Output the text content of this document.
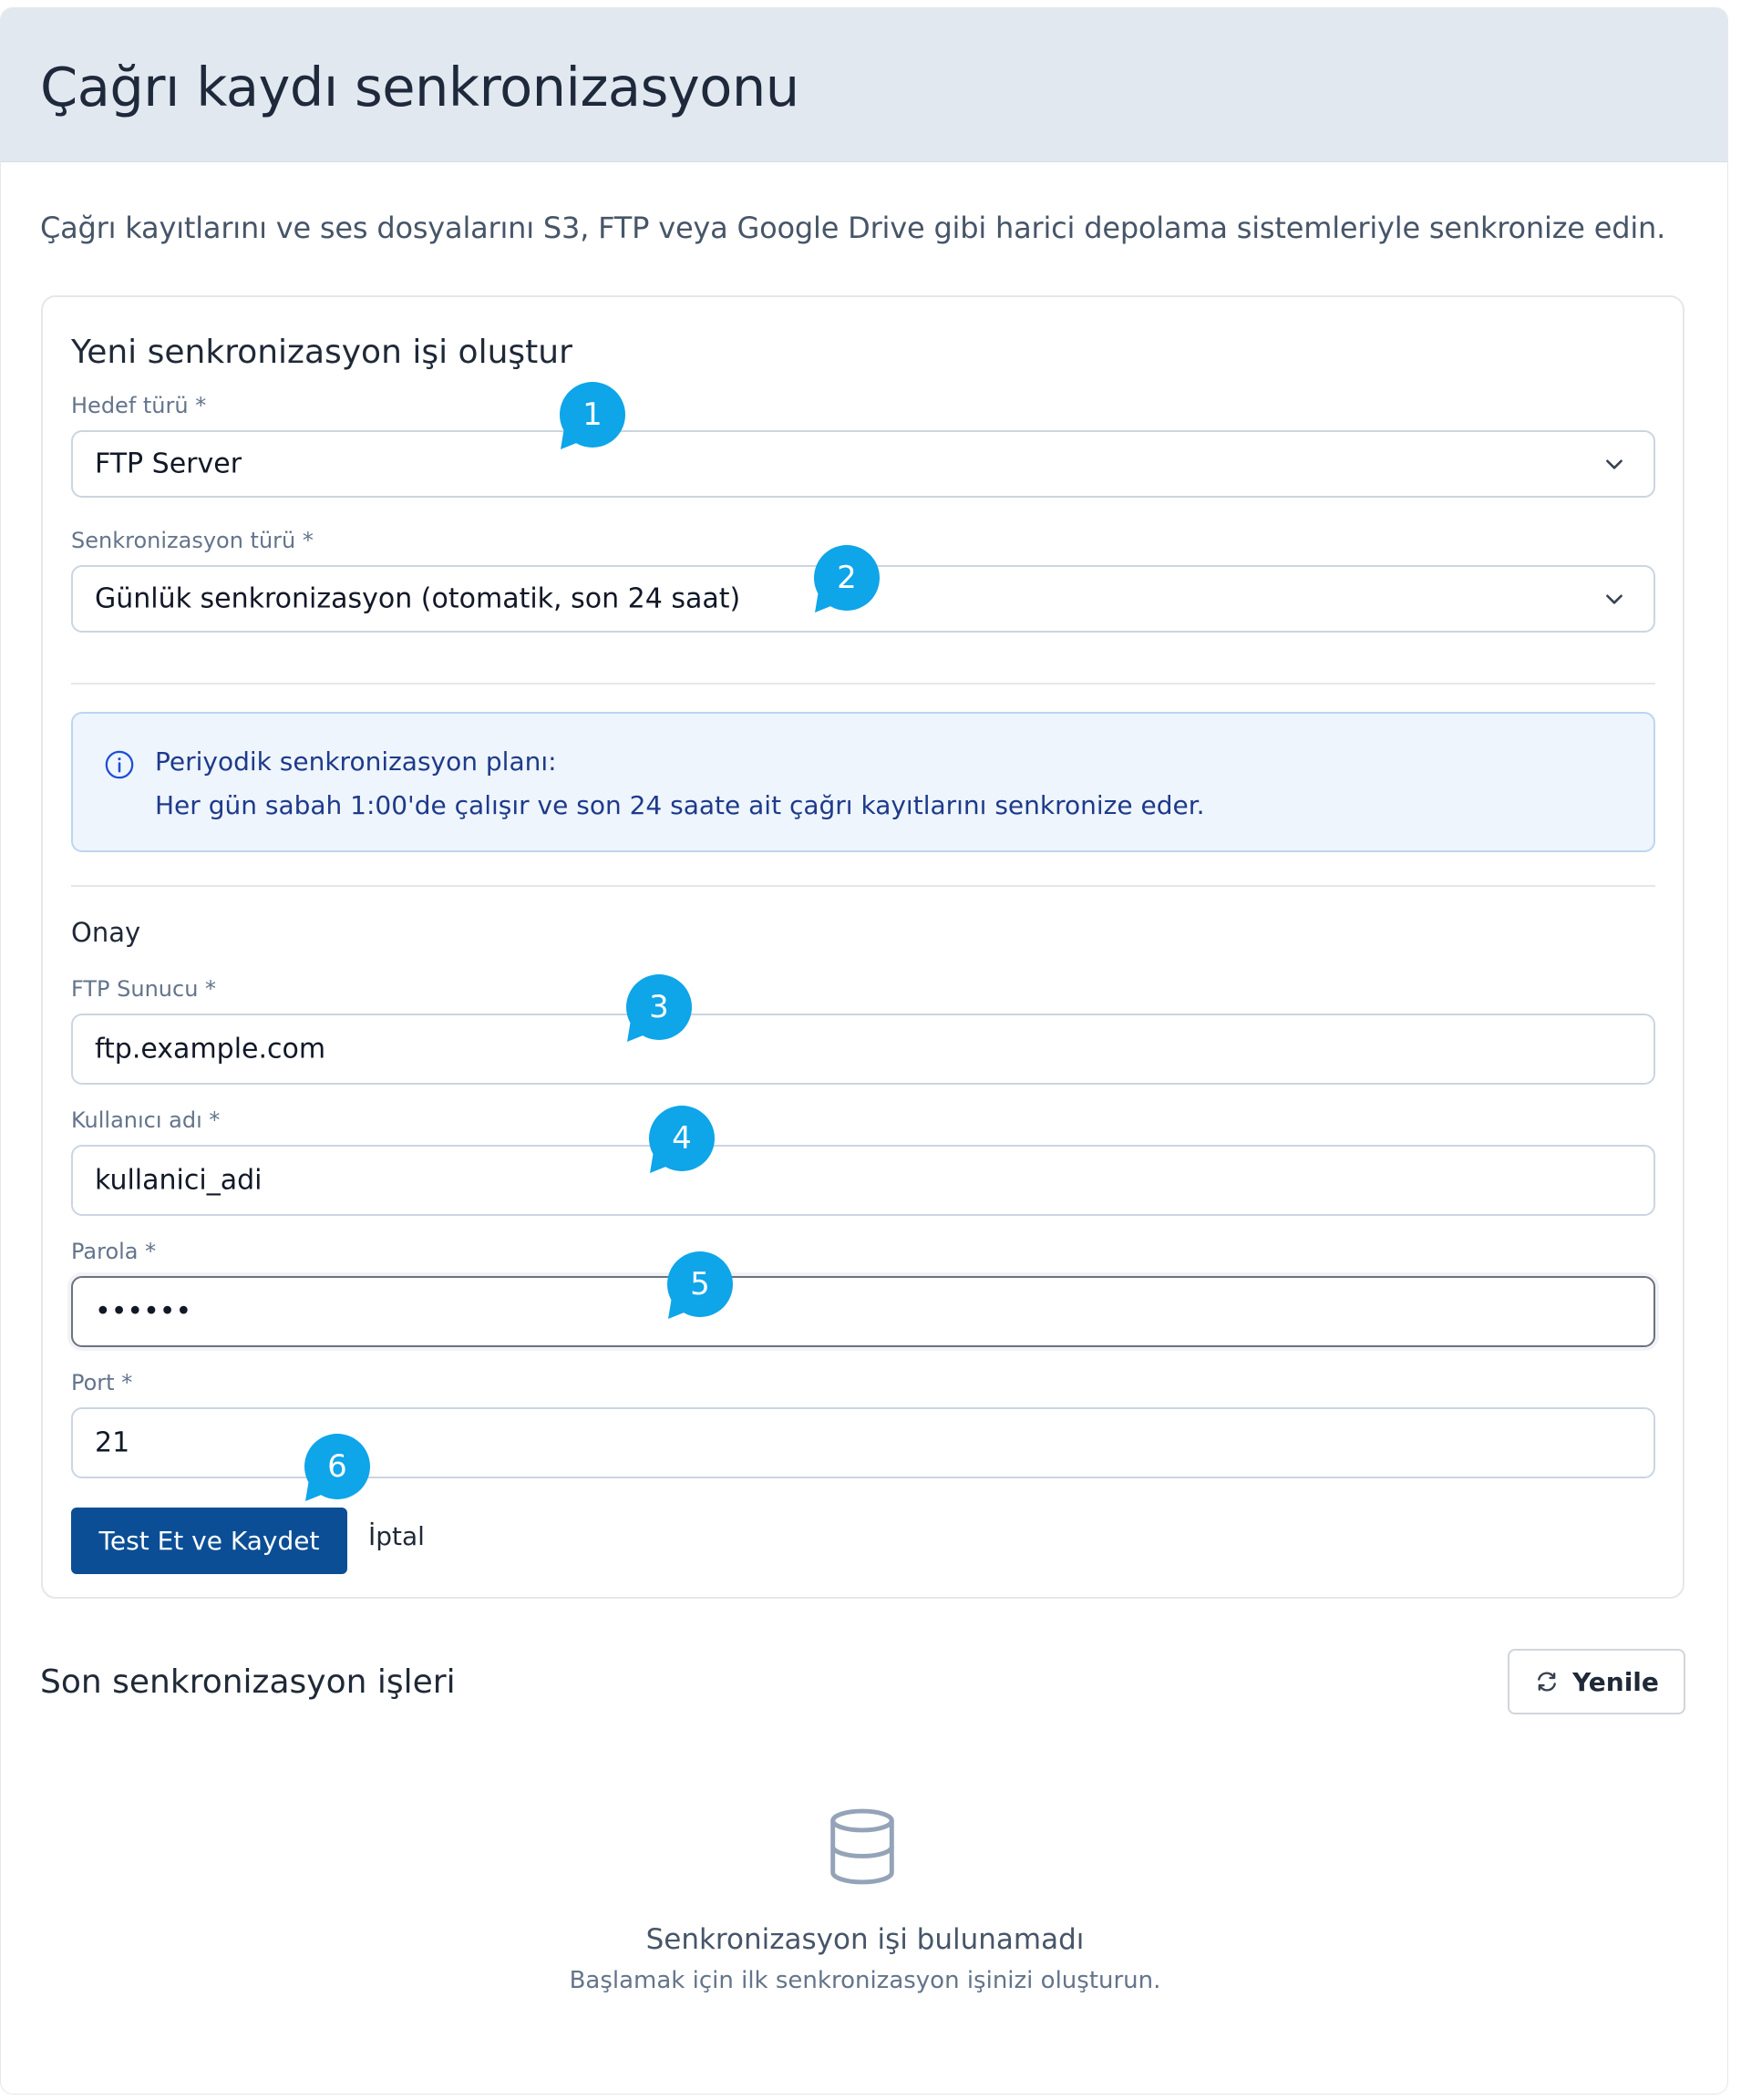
Çağrı kaydı senkronizasyonu
Çağrı kayıtlarını ve ses dosyalarını S3, FTP veya Google Drive gibi harici depolama sistemleriyle senkronize edin.
Yeni senkronizasyon işi oluştur
Hedef türü *
FTP Server
Senkronizasyon türü *
Günlük senkronizasyon (otomatik, son 24 saat)
Periyodik senkronizasyon planı:
Her gün sabah 1:00'de çalışır ve son 24 saate ait çağrı kayıtlarını senkronize eder.
Onay
FTP Sunucu *
ftp.example.com
Kullanıcı adı *
kullanici_adi
Parola *
••••••
Port *
21
Test Et ve Kaydet	İptal
Son senkronizasyon işleri	Yenile
Senkronizasyon işi bulunamadı
Başlamak için ilk senkronizasyon işinizi oluşturun.
1
2
3
4
5
6
